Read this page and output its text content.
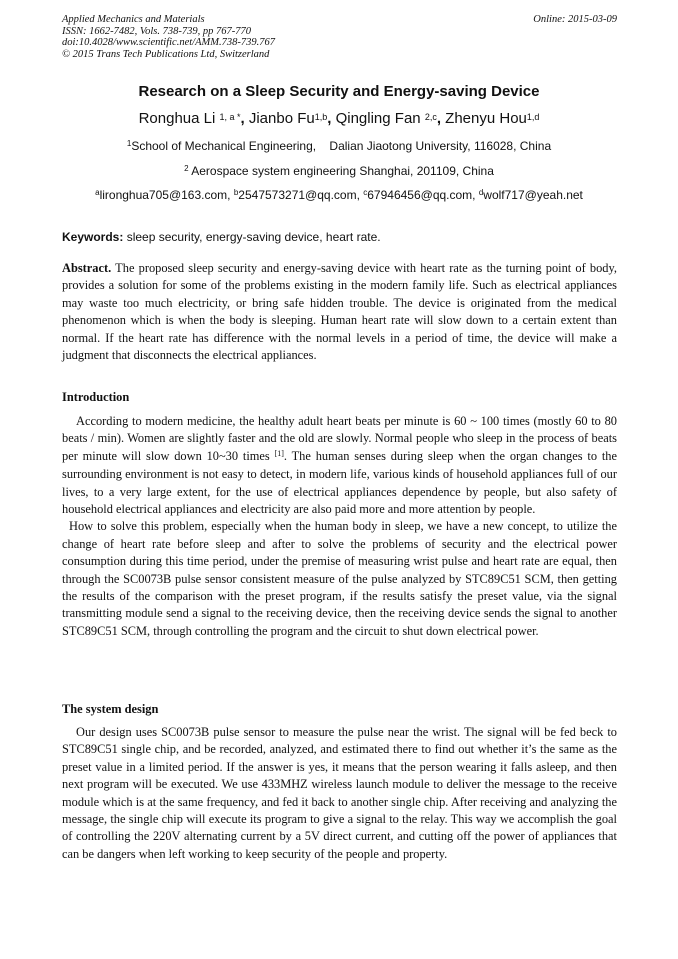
Applied Mechanics and Materials
ISSN: 1662-7482, Vols. 738-739, pp 767-770
doi:10.4028/www.scientific.net/AMM.738-739.767
© 2015 Trans Tech Publications Ltd, Switzerland
Online: 2015-03-09
Research on a Sleep Security and Energy-saving Device
Ronghua Li $^{1, a *}$, Jianbo Fu$^{1,b}$, Qingling Fan $^{2,c}$, Zhenyu Hou$^{1,d}$
$^1$School of Mechanical Engineering,    Dalian Jiaotong University, 116028, China
$^2$ Aerospace system engineering Shanghai, 201109, China
$^a$lironghua705@163.com, $^b$2547573271@qq.com, $^c$67946456@qq.com, $^d$wolf717@yeah.net
Keywords: sleep security, energy-saving device, heart rate.
Abstract. The proposed sleep security and energy-saving device with heart rate as the turning point of body, provides a solution for some of the problems existing in the modern family life. Such as electrical appliances may waste too much electricity, or bring safe hidden trouble. The device is originated from the medical phenomenon which is when the body is sleeping. Human heart rate will slow down to a certain extent than normal. If the heart rate has difference with the normal levels in a period of time, the device will make a judgment that disconnects the electrical appliances.
Introduction

According to modern medicine, the healthy adult heart beats per minute is 60 ~ 100 times (mostly 60 to 80 beats / min). Women are slightly faster and the old are slowly. Normal people who sleep in the process of beats per minute will slow down 10~30 times [1]. The human senses during sleep when the organ changes to the surrounding environment is not easy to detect, in modern life, various kinds of household appliances full of our lives, to a very large extent, for the use of electrical appliances dependence by people, but also safety of household electrical appliances and electricity are also paid more and more attention by people.

How to solve this problem, especially when the human body in sleep, we have a new concept, to utilize the change of heart rate before sleep and after to solve the problems of security and the electrical power consumption during this time period, under the premise of measuring wrist pulse and heart rate are equal, then through the SC0073B pulse sensor consistent measure of the pulse analyzed by STC89C51 SCM, then getting the results of the comparison with the preset program, if the results satisfy the preset value, via the signal transmitting module send a signal to the receiving device, then the receiving device sends the signal to another STC89C51 SCM, through controlling the program and the circuit to shut down electrical power.

The system design

Our design uses SC0073B pulse sensor to measure the pulse near the wrist. The signal will be fed beck to STC89C51 single chip, and be recorded, analyzed, and estimated there to find out whether it’s the same as the preset value in a limited period. If the answer is yes, it means that the person wearing it falls asleep, and then next program will be executed. We use 433MHZ wireless launch module to deliver the message to the receive module which is at the same frequency, and fed it back to another single chip. After receiving and analyzing the message, the single chip will execute its program to give a signal to the relay. This way we accomplish the goal of controlling the 220V alternating current by a 5V direct current, and cutting off the power of appliances that can be dangers when left working to keep security of the people and property.
